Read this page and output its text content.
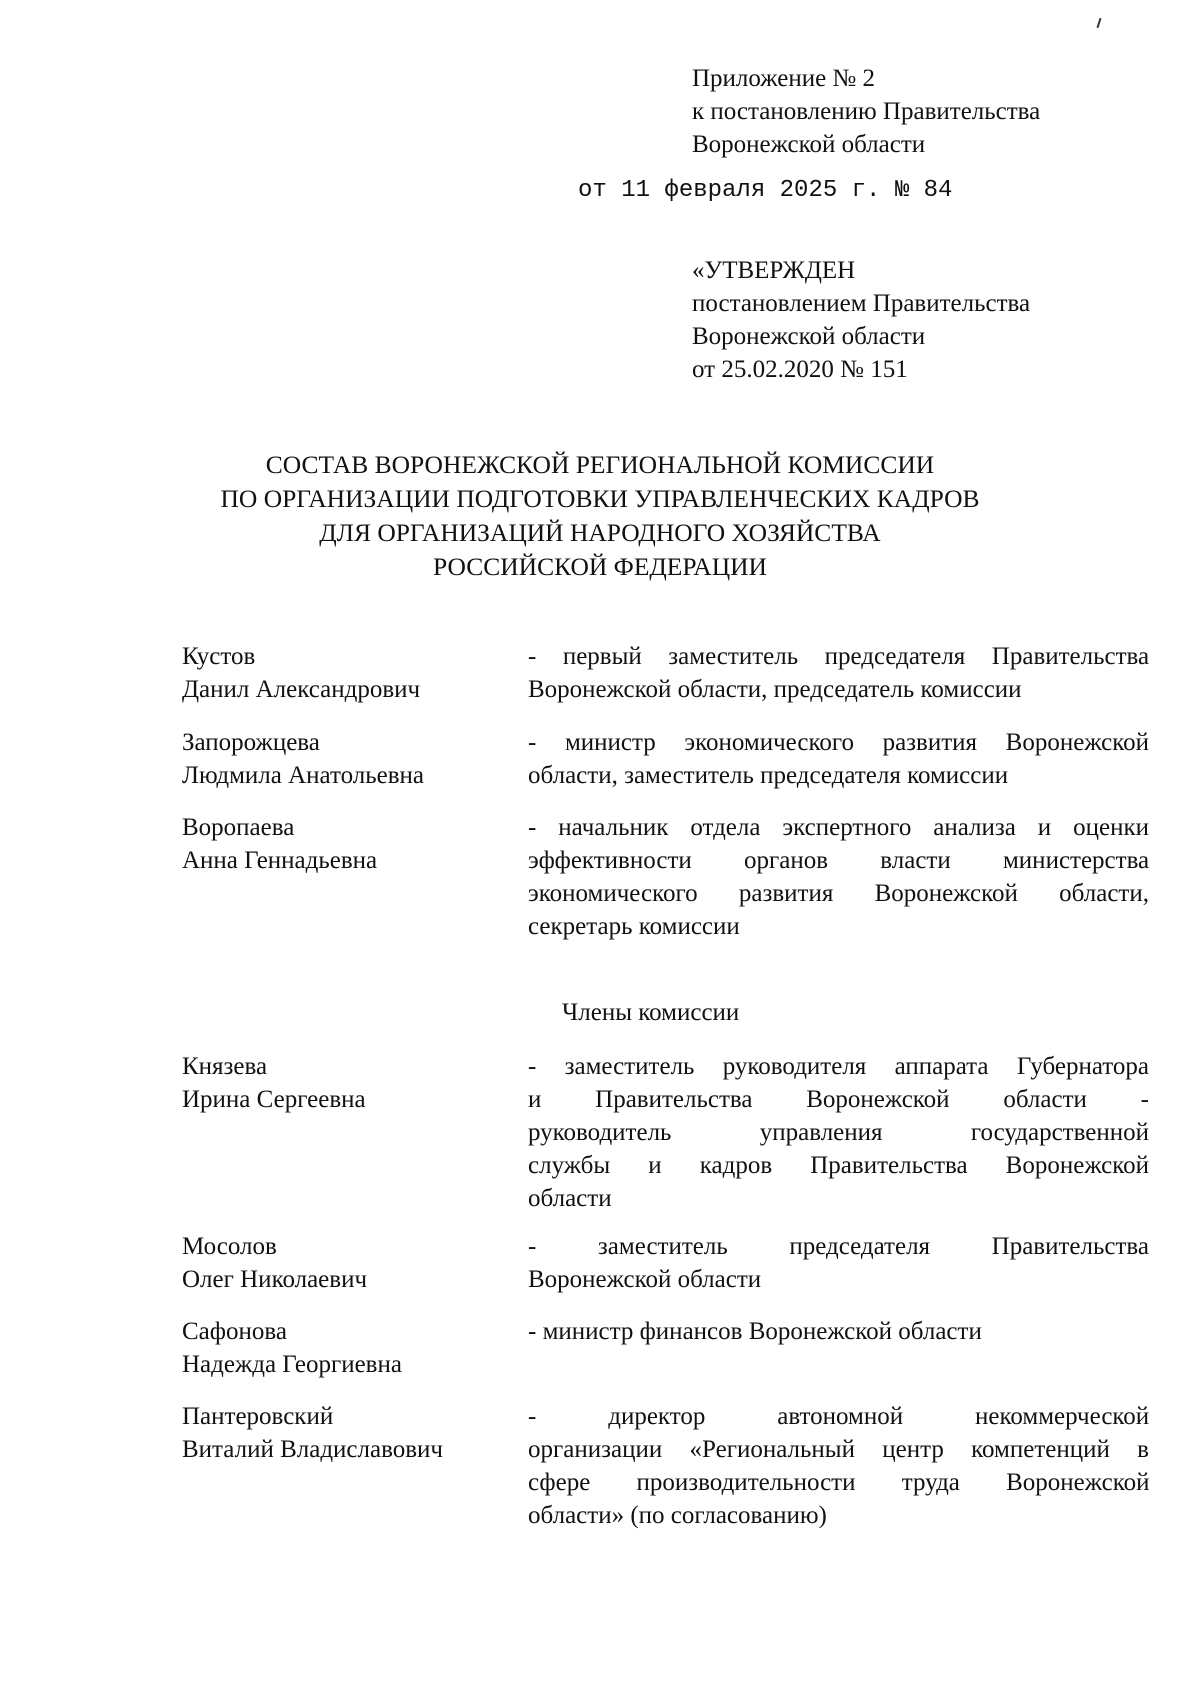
Приложение № 2
к постановлению Правительства
Воронежской области
от 11 февраля 2025 г. № 84
«УТВЕРЖДЕН
постановлением Правительства
Воронежской области
от 25.02.2020 № 151
СОСТАВ ВОРОНЕЖСКОЙ РЕГИОНАЛЬНОЙ КОМИССИИ
ПО ОРГАНИЗАЦИИ ПОДГОТОВКИ УПРАВЛЕНЧЕСКИХ КАДРОВ
ДЛЯ ОРГАНИЗАЦИЙ НАРОДНОГО ХОЗЯЙСТВА
РОССИЙСКОЙ ФЕДЕРАЦИИ
Кустов
Данил Александрович
- первый заместитель председателя Правительства
Воронежской области, председатель комиссии
Запорожцева
Людмила Анатольевна
- министр экономического развития Воронежской
области, заместитель председателя комиссии
Воропаева
Анна Геннадьевна
- начальник отдела экспертного анализа и оценки
эффективности органов власти министерства
экономического развития Воронежской области,
секретарь комиссии
Члены комиссии
Князева
Ирина Сергеевна
- заместитель руководителя аппарата Губернатора
и Правительства Воронежской области -
руководитель управления государственной
службы и кадров Правительства Воронежской
области
Мосолов
Олег Николаевич
- заместитель председателя Правительства
Воронежской области
Сафонова
Надежда Георгиевна
- министр финансов Воронежской области
Пантеровский
Виталий Владиславович
- директор автономной некоммерческой
организации «Региональный центр компетенций в
сфере производительности труда Воронежской
области» (по согласованию)
